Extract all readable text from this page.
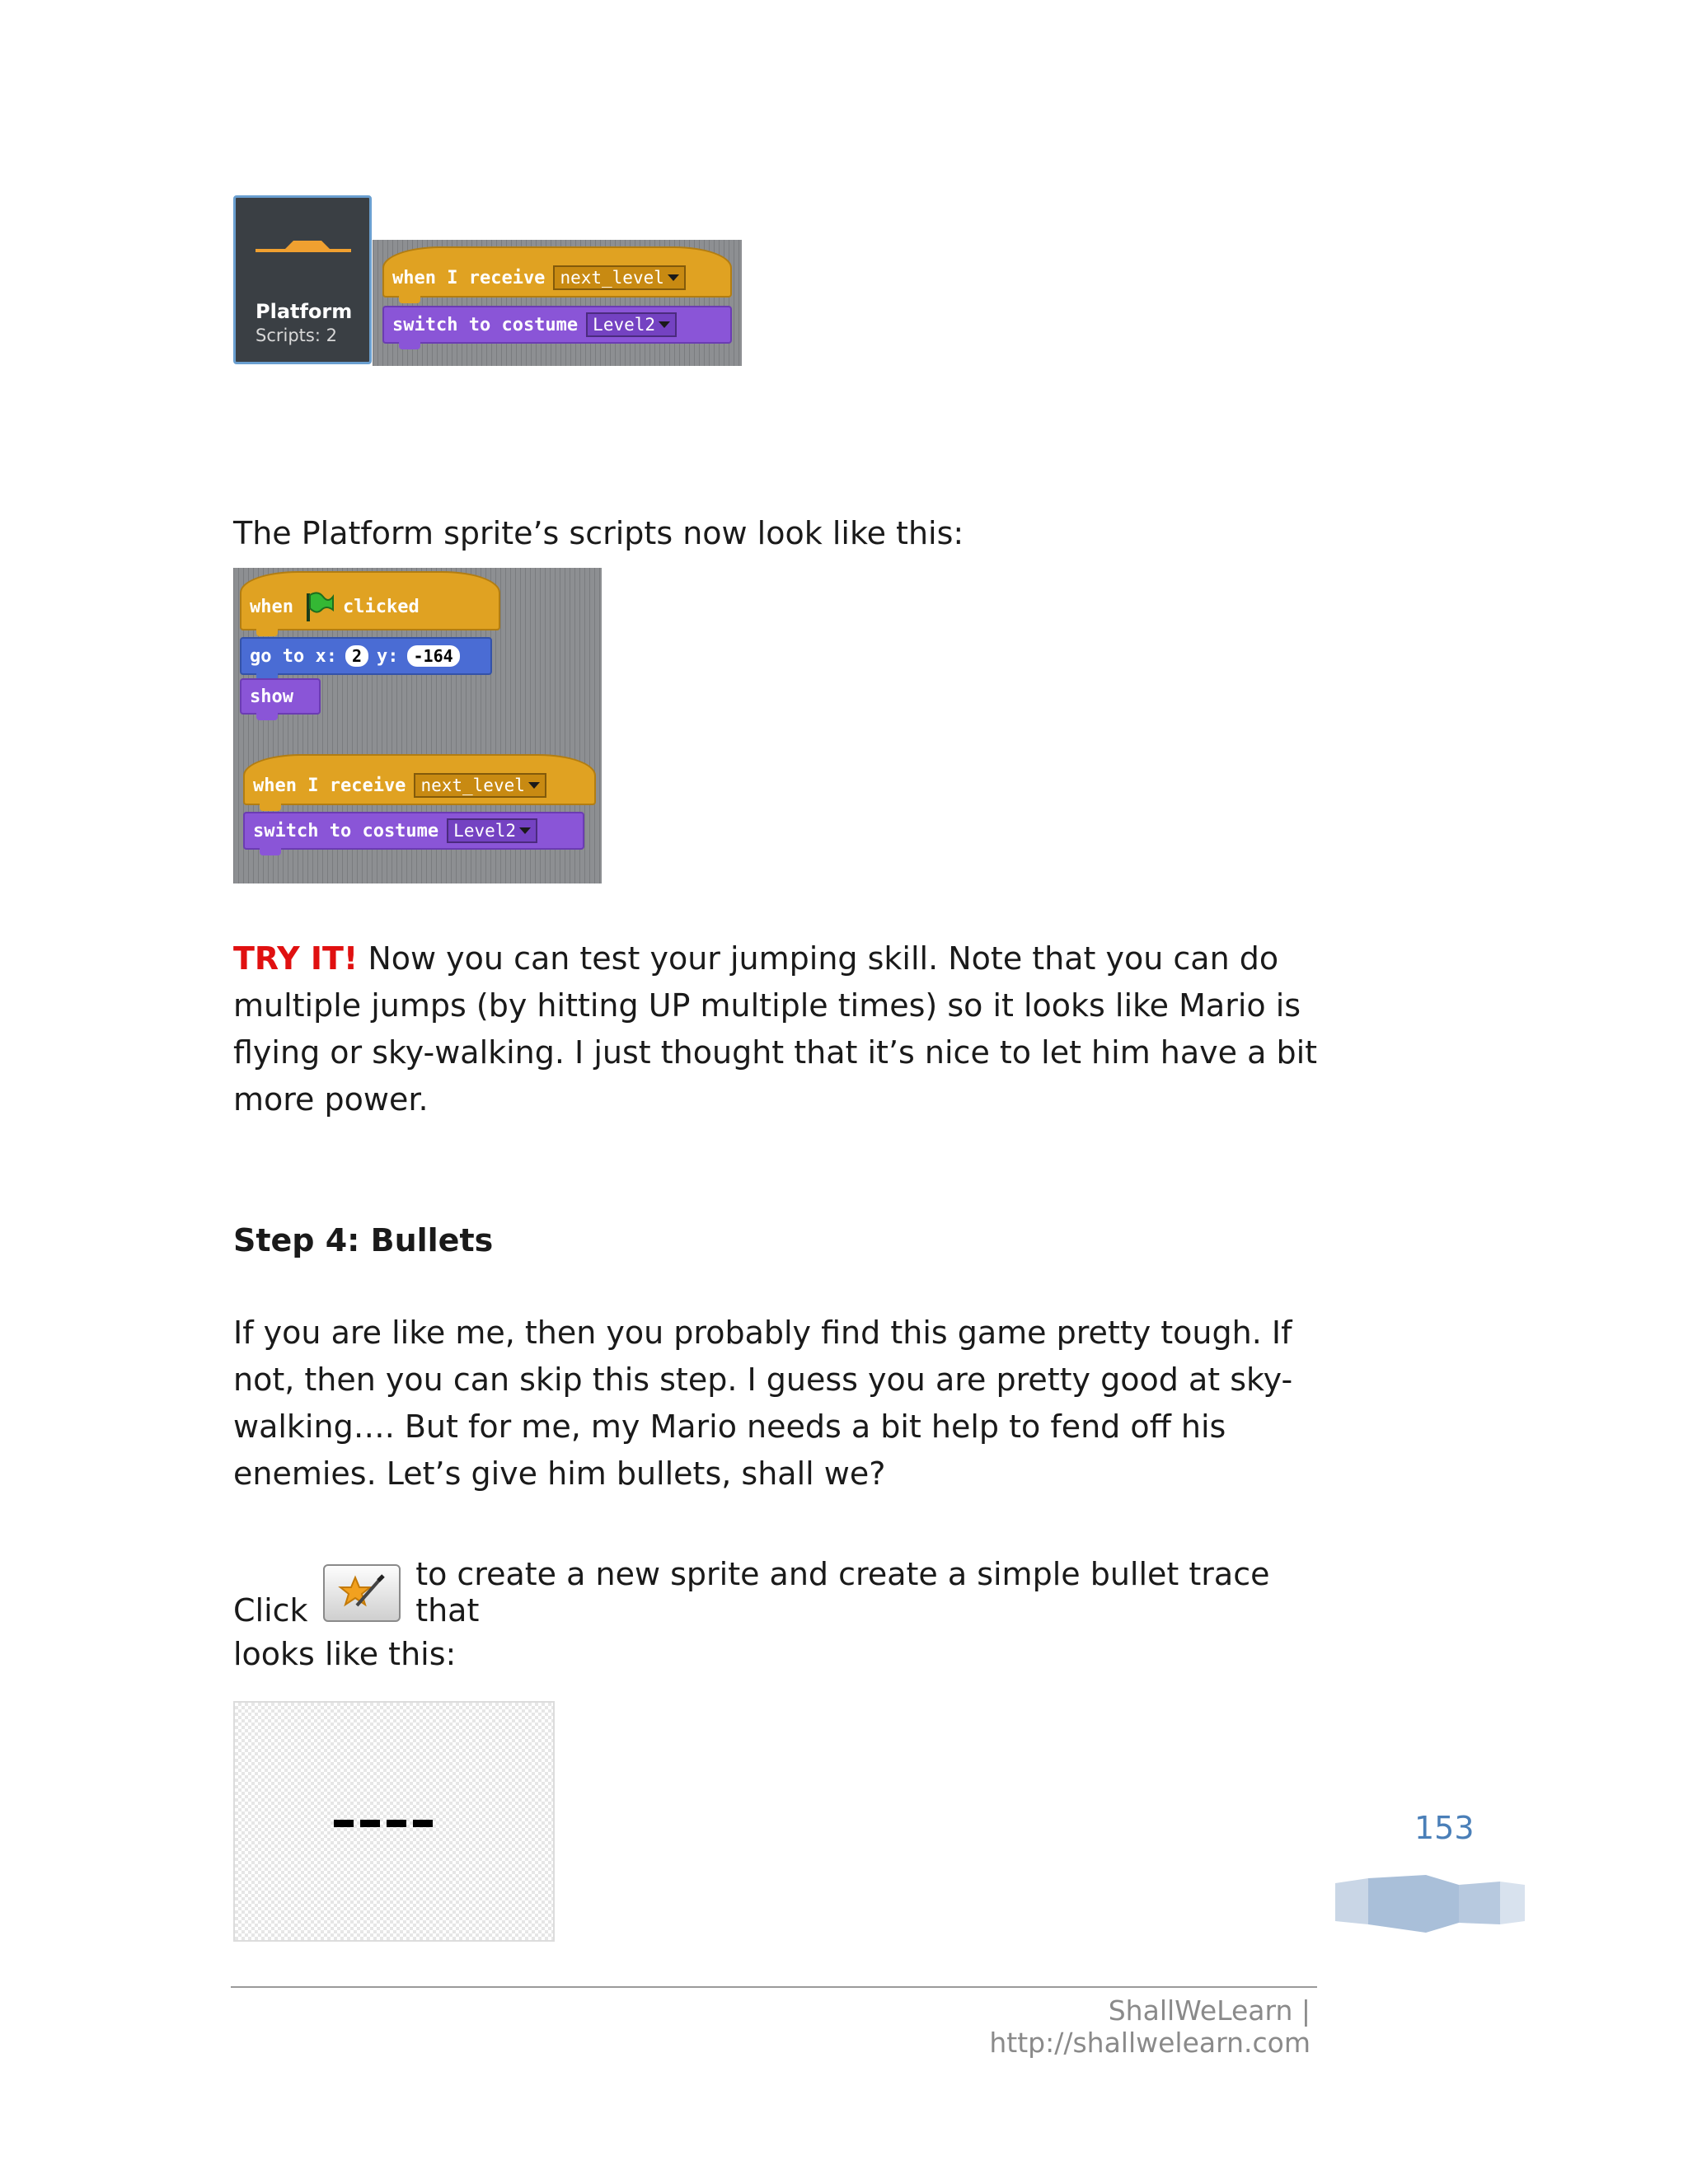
Platform
Scripts: 2
when I receive next_level
switch to costume Level2
The Platform sprite’s scripts now look like this:
when	clicked
go to x: 2 y: -164
show
when I receive next_level
switch to costume Level2
TRY IT! Now you can test your jumping skill. Note that you can do multiple jumps (by hitting UP multiple times) so it looks like Mario is flying or sky-walking. I just thought that it’s nice to let him have a bit more power.
Step 4: Bullets
If you are like me, then you probably find this game pretty tough. If not, then you can skip this step. I guess you are pretty good at sky-walking…. But for me, my Mario needs a bit help to fend off his enemies. Let’s give him bullets, shall we?
Click
to create a new sprite and create a simple bullet trace that
looks like this:
153
ShallWeLearn | http://shallwelearn.com
